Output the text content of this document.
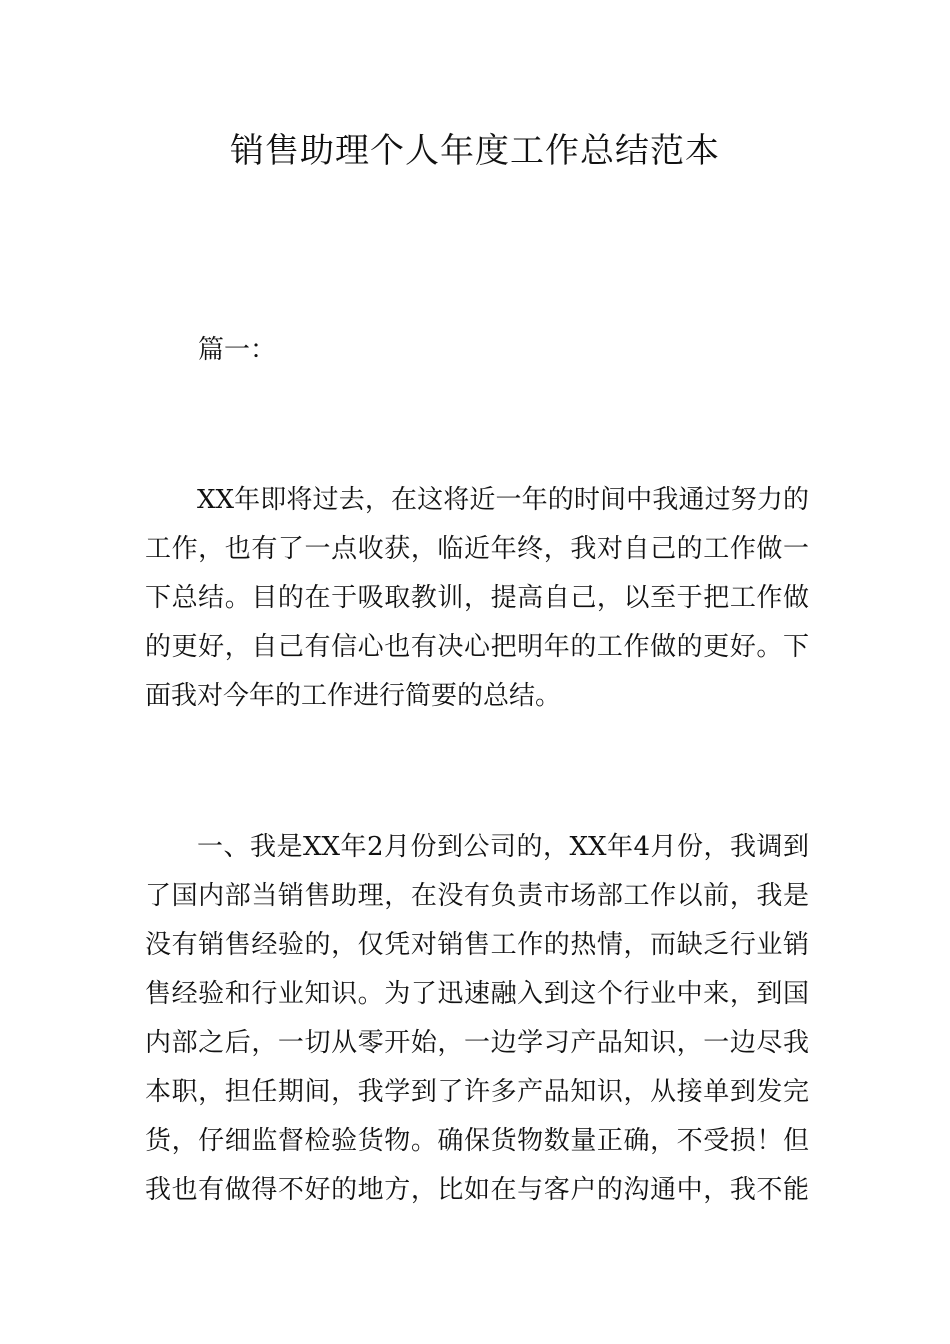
销售助理个人年度工作总结范本

篇一：

XX年即将过去，在这将近一年的时间中我通过努力的
工作，也有了一点收获，临近年终，我对自己的工作做一
下总结。目的在于吸取教训，提高自己，以至于把工作做
的更好，自己有信心也有决心把明年的工作做的更好。下
面我对今年的工作进行简要的总结。

一、我是XX年2月份到公司的，XX年4月份，我调到
了国内部当销售助理，在没有负责市场部工作以前，我是
没有销售经验的，仅凭对销售工作的热情，而缺乏行业销
售经验和行业知识。为了迅速融入到这个行业中来，到国
内部之后，一切从零开始，一边学习产品知识，一边尽我
本职，担任期间，我学到了许多产品知识，从接单到发完
货，仔细监督检验货物。确保货物数量正确，不受损！但
我也有做得不好的地方，比如在与客户的沟通中，我不能
